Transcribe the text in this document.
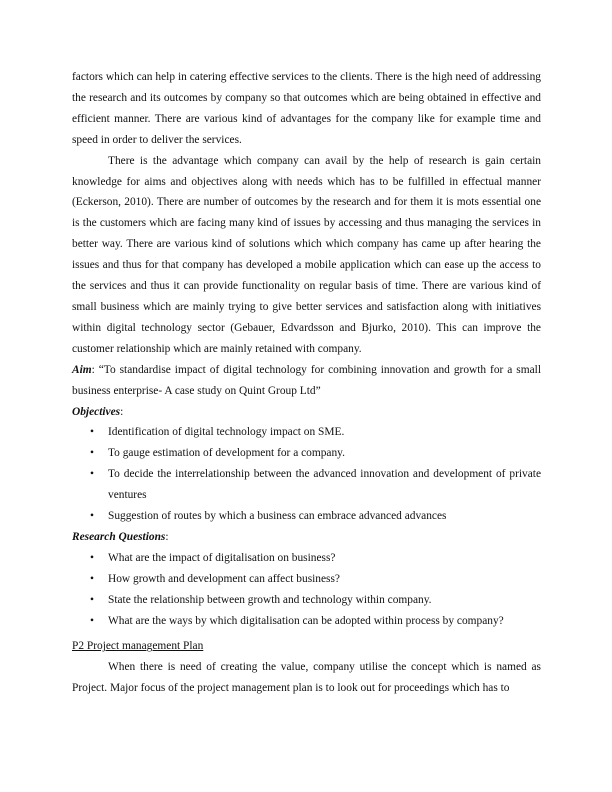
factors which can help in catering effective services to the clients. There is the high need of addressing the research and its outcomes by company so that outcomes which are being obtained in effective and efficient manner. There are various kind of advantages for the company like for example time and speed in order to deliver the services.

There is the advantage which company can avail by the help of research is gain certain knowledge for aims and objectives along with needs which has to be fulfilled in effectual manner (Eckerson, 2010). There are number of outcomes by the research and for them it is mots essential one is the customers which are facing many kind of issues by accessing and thus managing the services in better way. There are various kind of solutions which which company has came up after hearing the issues and thus for that company has developed a mobile application which can ease up the access to the services and thus it can provide functionality on regular basis of time. There are various kind of small business which are mainly trying to give better services and satisfaction along with initiatives within digital technology sector (Gebauer, Edvardsson and Bjurko, 2010). This can improve the customer relationship which are mainly retained with company.

Aim: “To standardise impact of digital technology for combining innovation and growth for a small business enterprise- A case study on Quint Group Ltd”

Objectives:
• Identification of digital technology impact on SME.
• To gauge estimation of development for a company.
• To decide the interrelationship between the advanced innovation and development of private ventures
• Suggestion of routes by which a business can embrace advanced advances
Research Questions:
• What are the impact of digitalisation on business?
• How growth and development can affect business?
• State the relationship between growth and technology within company.
• What are the ways by which digitalisation can be adopted within process by company?
P2 Project management Plan

When there is need of creating the value, company utilise the concept which is named as Project. Major focus of the project management plan is to look out for proceedings which has to
